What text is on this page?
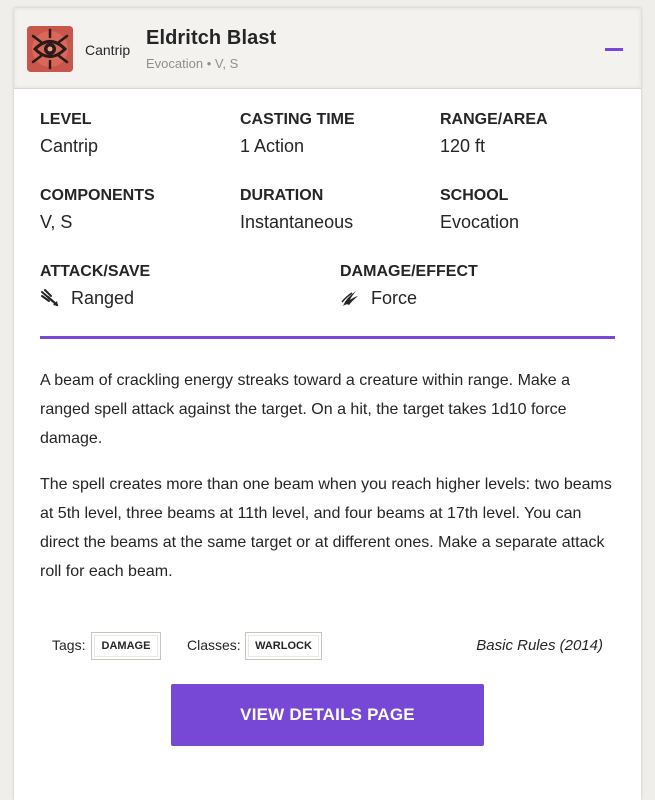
Cantrip
Eldritch Blast
Evocation • V, S
LEVEL
Cantrip
CASTING TIME
1 Action
RANGE/AREA
120 ft
COMPONENTS
V, S
DURATION
Instantaneous
SCHOOL
Evocation
ATTACK/SAVE
Ranged
DAMAGE/EFFECT
Force

A beam of crackling energy streaks toward a creature within range. Make a ranged spell attack against the target. On a hit, the target takes 1d10 force damage.

The spell creates more than one beam when you reach higher levels: two beams at 5th level, three beams at 11th level, and four beams at 17th level. You can direct the beams at the same target or at different ones. Make a separate attack roll for each beam.

Tags:	DAMAGE	Classes:	WARLOCK	Basic Rules (2014)
VIEW DETAILS PAGE
